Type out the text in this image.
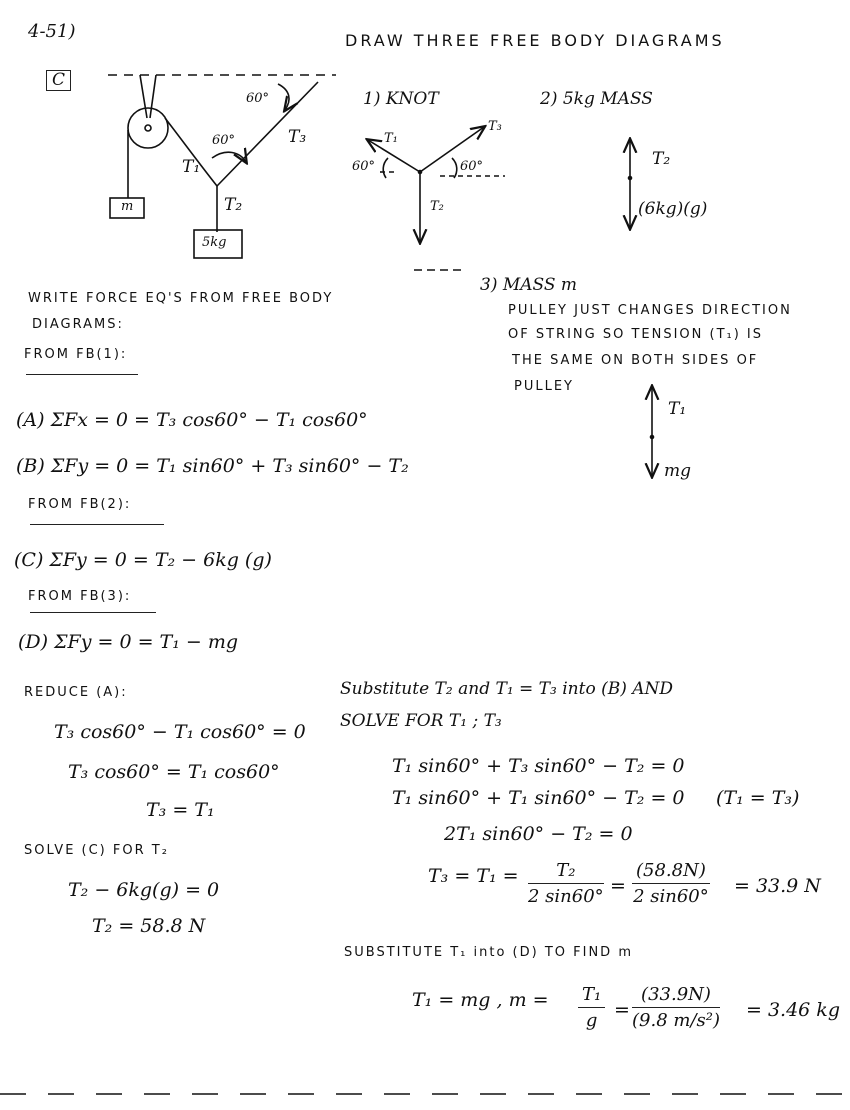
4-51)
C
DRAW THREE FREE BODY DIAGRAMS
60°
60°
T₁
T₂
T₃
m
5kg
1) KNOT
T₁
T₃
T₂
60°	60°
2) 5kg MASS
T₂
(6kg)(g)
3) MASS m
PULLEY JUST CHANGES DIRECTION
OF STRING SO TENSION (T₁) IS
THE SAME ON BOTH SIDES OF
PULLEY
T₁
mg
WRITE FORCE EQ'S FROM FREE BODY
DIAGRAMS:
FROM FB(1):
(A) ΣFx = 0 = T₃ cos60° − T₁ cos60°
(B) ΣFy = 0 = T₁ sin60° + T₃ sin60° − T₂
FROM FB(2):
(C) ΣFy = 0 = T₂ − 6kg (g)
FROM FB(3):
(D) ΣFy = 0 = T₁ − mg
REDUCE (A):
T₃ cos60° − T₁ cos60° = 0
T₃ cos60° = T₁ cos60°
T₃ = T₁
SOLVE (C) FOR T₂
T₂ − 6kg(g) = 0
T₂ = 58.8 N
Substitute T₂ and T₁ = T₃ into (B) AND
SOLVE FOR T₁ ; T₃
T₁ sin60° + T₃ sin60° − T₂ = 0
T₁ sin60° + T₁ sin60° − T₂ = 0 (T₁ = T₃)
2T₁ sin60° − T₂ = 0
$T_3 = T_1 = \frac{\text{T₂}}{2 \sin 60^\circ} = \frac{(58.8N)}{2 \sin 60^\circ} = 33.9$ N
SUBSTITUTE T₁ into (D) TO FIND m
T₁ = mg , $m = \frac{\text{T₁}}{g} = \frac{(33.9N)}{\text{(9.8 m/s²)}} = 3.46$ kg
